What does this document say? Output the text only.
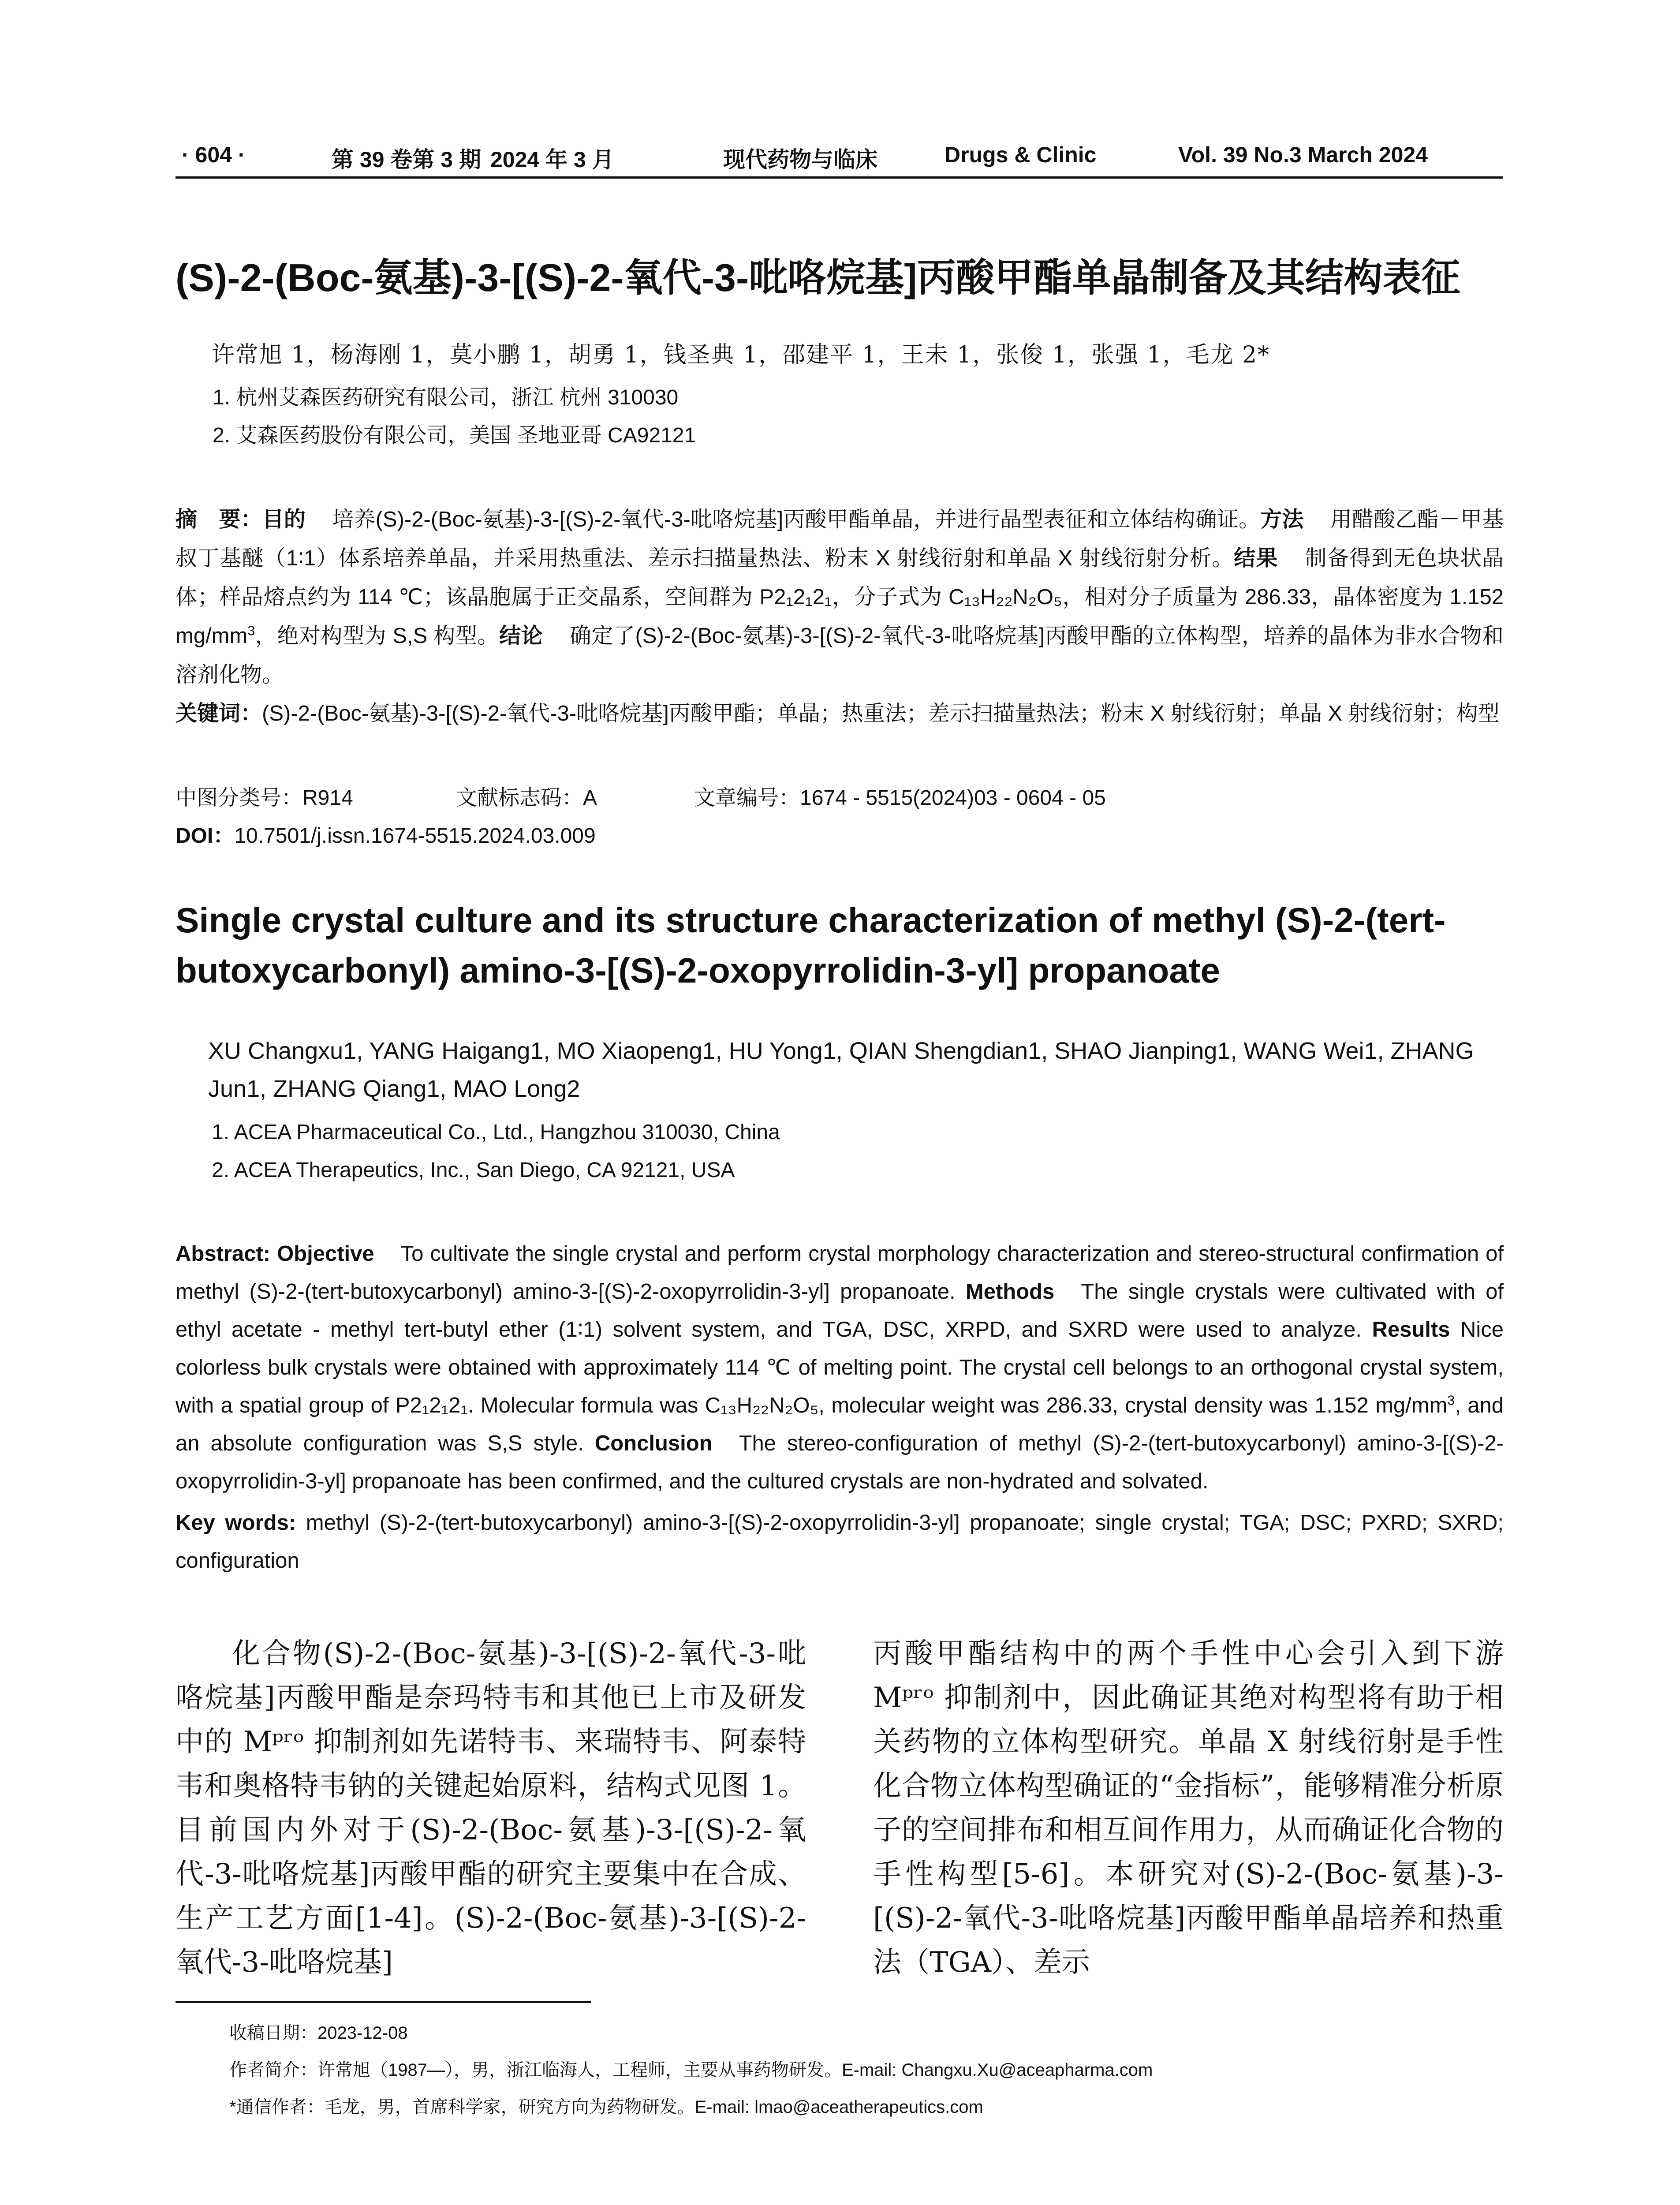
· 604 ·	第 39 卷第 3 期 2024 年 3 月	现代药物与临床	Drugs & Clinic	Vol. 39 No.3 March 2024
(S)-2-(Boc-氨基)-3-[(S)-2-氧代-3-吡咯烷基]丙酸甲酯单晶制备及其结构表征
许常旭 1，杨海刚 1，莫小鹏 1，胡勇 1，钱圣典 1，邵建平 1，王未 1，张俊 1，张强 1，毛龙 2*
1. 杭州艾森医药研究有限公司，浙江 杭州 310030
2. 艾森医药股份有限公司，美国 圣地亚哥 CA92121
摘　要：目的 培养(S)-2-(Boc-氨基)-3-[(S)-2-氧代-3-吡咯烷基]丙酸甲酯单晶，并进行晶型表征和立体结构确证。方法 用醋酸乙酯－甲基叔丁基醚（1∶1）体系培养单晶，并采用热重法、差示扫描量热法、粉末 X 射线衍射和单晶 X 射线衍射分析。结果 制备得到无色块状晶体；样品熔点约为 114 ℃；该晶胞属于正交晶系，空间群为 P2₁2₁2₁，分子式为 C₁₃H₂₂N₂O₅，相对分子质量为 286.33，晶体密度为 1.152 $mg/mm^3$，绝对构型为 S,S 构型。结论 确定了(S)-2-(Boc-氨基)-3-[(S)-2-氧代-3-吡咯烷基]丙酸甲酯的立体构型，培养的晶体为非水合物和溶剂化物。
关键词：(S)-2-(Boc-氨基)-3-[(S)-2-氧代-3-吡咯烷基]丙酸甲酯；单晶；热重法；差示扫描量热法；粉末 X 射线衍射；单晶 X 射线衍射；构型
中图分类号：R914	文献标志码：A	文章编号：1674 - 5515(2024)03 - 0604 - 05
DOI：10.7501/j.issn.1674-5515.2024.03.009
Single crystal culture and its structure characterization of methyl (S)-2-(tert-butoxycarbonyl) amino-3-[(S)-2-oxopyrrolidin-3-yl] propanoate
XU Changxu1, YANG Haigang1, MO Xiaopeng1, HU Yong1, QIAN Shengdian1, SHAO Jianping1, WANG Wei1, ZHANG Jun1, ZHANG Qiang1, MAO Long2
1. ACEA Pharmaceutical Co., Ltd., Hangzhou 310030, China
2. ACEA Therapeutics, Inc., San Diego, CA 92121, USA
Abstract: Objective To cultivate the single crystal and perform crystal morphology characterization and stereo-structural confirmation of methyl (S)-2-(tert-butoxycarbonyl) amino-3-[(S)-2-oxopyrrolidin-3-yl] propanoate. Methods The single crystals were cultivated with of ethyl acetate - methyl tert-butyl ether (1∶1) solvent system, and TGA, DSC, XRPD, and SXRD were used to analyze. Results Nice colorless bulk crystals were obtained with approximately 114 ℃ of melting point. The crystal cell belongs to an orthogonal crystal system, with a spatial group of P2₁2₁2₁. Molecular formula was C₁₃H₂₂N₂O₅, molecular weight was 286.33, crystal density was 1.152 $mg/mm^3$, and an absolute configuration was S,S style. Conclusion The stereo-configuration of methyl (S)-2-(tert-butoxycarbonyl) amino-3-[(S)-2-oxopyrrolidin-3-yl] propanoate has been confirmed, and the cultured crystals are non-hydrated and solvated.
Key words: methyl (S)-2-(tert-butoxycarbonyl) amino-3-[(S)-2-oxopyrrolidin-3-yl] propanoate; single crystal; TGA; DSC; PXRD; SXRD; configuration
化合物(S)-2-(Boc-氨基)-3-[(S)-2-氧代-3-吡咯烷基]丙酸甲酯是奈玛特韦和其他已上市及研发中的 Mᵖʳᵒ 抑制剂如先诺特韦、来瑞特韦、阿泰特韦和奥格特韦钠的关键起始原料，结构式见图 1。目前国内外对于(S)-2-(Boc-氨基)-3-[(S)-2-氧代-3-吡咯烷基]丙酸甲酯的研究主要集中在合成、生产工艺方面[1-4]。(S)-2-(Boc-氨基)-3-[(S)-2-氧代-3-吡咯烷基]
丙酸甲酯结构中的两个手性中心会引入到下游 Mᵖʳᵒ 抑制剂中，因此确证其绝对构型将有助于相关药物的立体构型研究。单晶 X 射线衍射是手性化合物立体构型确证的“金指标”，能够精准分析原子的空间排布和相互间作用力，从而确证化合物的手性构型[5-6]。本研究对(S)-2-(Boc-氨基)-3-[(S)-2-氧代-3-吡咯烷基]丙酸甲酯单晶培养和热重法（TGA）、差示
收稿日期：2023-12-08
作者简介：许常旭（1987—），男，浙江临海人，工程师，主要从事药物研发。E-mail: Changxu.Xu@aceapharma.com
*通信作者：毛龙，男，首席科学家，研究方向为药物研发。E-mail: lmao@aceatherapeutics.com
